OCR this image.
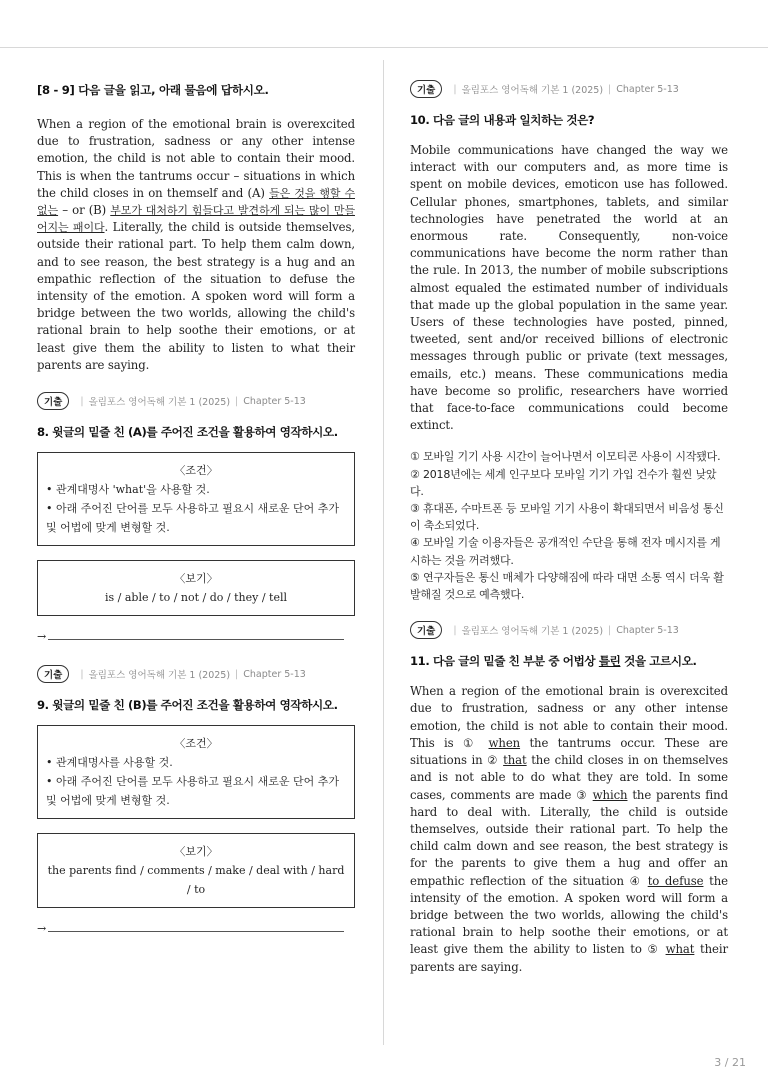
[8 - 9] 다음 글을 읽고, 아래 물음에 답하시오.

When a region of the emotional brain is overexcited due to frustration, sadness or any other intense emotion, the child is not able to contain their mood. This is when the tantrums occur – situations in which the child closes in on themself and (A) 들은 것을 행할 수 없는 – or (B) 부모가 대처하기 힘들다고 발견하게 되는 많이 만들어지는 패이다. Literally, the child is outside themselves, outside their rational part. To help them calm down, and to see reason, the best strategy is a hug and an empathic reflection of the situation to defuse the intensity of the emotion. A spoken word will form a bridge between the two worlds, allowing the child's rational brain to help soothe their emotions, or at least give them the ability to listen to what their parents are saying.

기출	| 올림포스 영어독해 기본 1 (2025) | Chapter 5-13
8. 윗글의 밑줄 친 (A)를 주어진 조건을 활용하여 영작하시오.
〈조건〉
• 관계대명사 'what'을 사용할 것.
• 아래 주어진 단어를 모두 사용하고 필요시 새로운 단어 추가 및 어법에 맞게 변형할 것.
〈보기〉
is / able / to / not / do / they / tell
→
기출	| 올림포스 영어독해 기본 1 (2025) | Chapter 5-13
9. 윗글의 밑줄 친 (B)를 주어진 조건을 활용하여 영작하시오.
〈조건〉
• 관계대명사를 사용할 것.
• 아래 주어진 단어를 모두 사용하고 필요시 새로운 단어 추가 및 어법에 맞게 변형할 것.
〈보기〉
the parents find / comments / make / deal with / hard / to
→
기출	| 올림포스 영어독해 기본 1 (2025) | Chapter 5-13
10. 다음 글의 내용과 일치하는 것은?

Mobile communications have changed the way we interact with our computers and, as more time is spent on mobile devices, emoticon use has followed. Cellular phones, smartphones, tablets, and similar technologies have penetrated the world at an enormous rate. Consequently, non-voice communications have become the norm rather than the rule. In 2013, the number of mobile subscriptions almost equaled the estimated number of individuals that made up the global population in the same year. Users of these technologies have posted, pinned, tweeted, sent and/or received billions of electronic messages through public or private (text messages, emails, etc.) means. These communications media have become so prolific, researchers have worried that face-to-face communications could become extinct.

① 모바일 기기 사용 시간이 늘어나면서 이모티콘 사용이 시작됐다.

② 2018년에는 세계 인구보다 모바일 기기 가입 건수가 훨씬 낮았다.

③ 휴대폰, 수마트폰 등 모바일 기기 사용이 확대되면서 비음성 통신이 축소되었다.

④ 모바일 기술 이용자들은 공개적인 수단을 통해 전자 메시지를 게시하는 것을 꺼려했다.

⑤ 연구자들은 통신 매체가 다양해짐에 따라 대면 소통 역시 더욱 활발해질 것으로 예측했다.

기출	| 올림포스 영어독해 기본 1 (2025) | Chapter 5-13
11. 다음 글의 밑줄 친 부분 중 어법상 틀린 것을 고르시오.

When a region of the emotional brain is overexcited due to frustration, sadness or any other intense emotion, the child is not able to contain their mood. This is ① when the tantrums occur. These are situations in ② that the child closes in on themselves and is not able to do what they are told. In some cases, comments are made ③ which the parents find hard to deal with. Literally, the child is outside themselves, outside their rational part. To help the child calm down and see reason, the best strategy is for the parents to give them a hug and offer an empathic reflection of the situation ④ to defuse the intensity of the emotion. A spoken word will form a bridge between the two worlds, allowing the child's rational brain to help soothe their emotions, or at least give them the ability to listen to ⑤ what their parents are saying.

3 / 21
